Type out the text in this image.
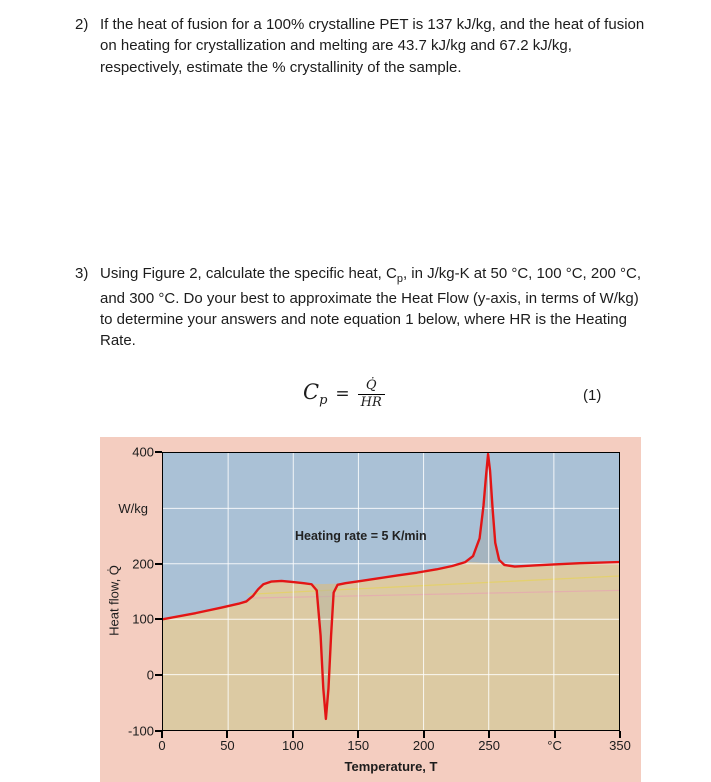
2) If the heat of fusion for a 100% crystalline PET is 137 kJ/kg, and the heat of fusion on heating for crystallization and melting are 43.7 kJ/kg and 67.2 kJ/kg, respectively, estimate the % crystallinity of the sample.
3) Using Figure 2, calculate the specific heat, $C_p$, in J/kg-K at 50 °C, 100 °C, 200 °C, and 300 °C. Do your best to approximate the Heat Flow (y-axis, in terms of W/kg) to determine your answers and note equation 1 below, where HR is the Heating Rate.
$C_p = \frac{Q̇}{HR}$	(1)
Heat flow, Q̇
W/kg
Heating rate = 5 K/min
400
200
100
0
-100
0	50	100	150	200	250	°C	350
Temperature, T
